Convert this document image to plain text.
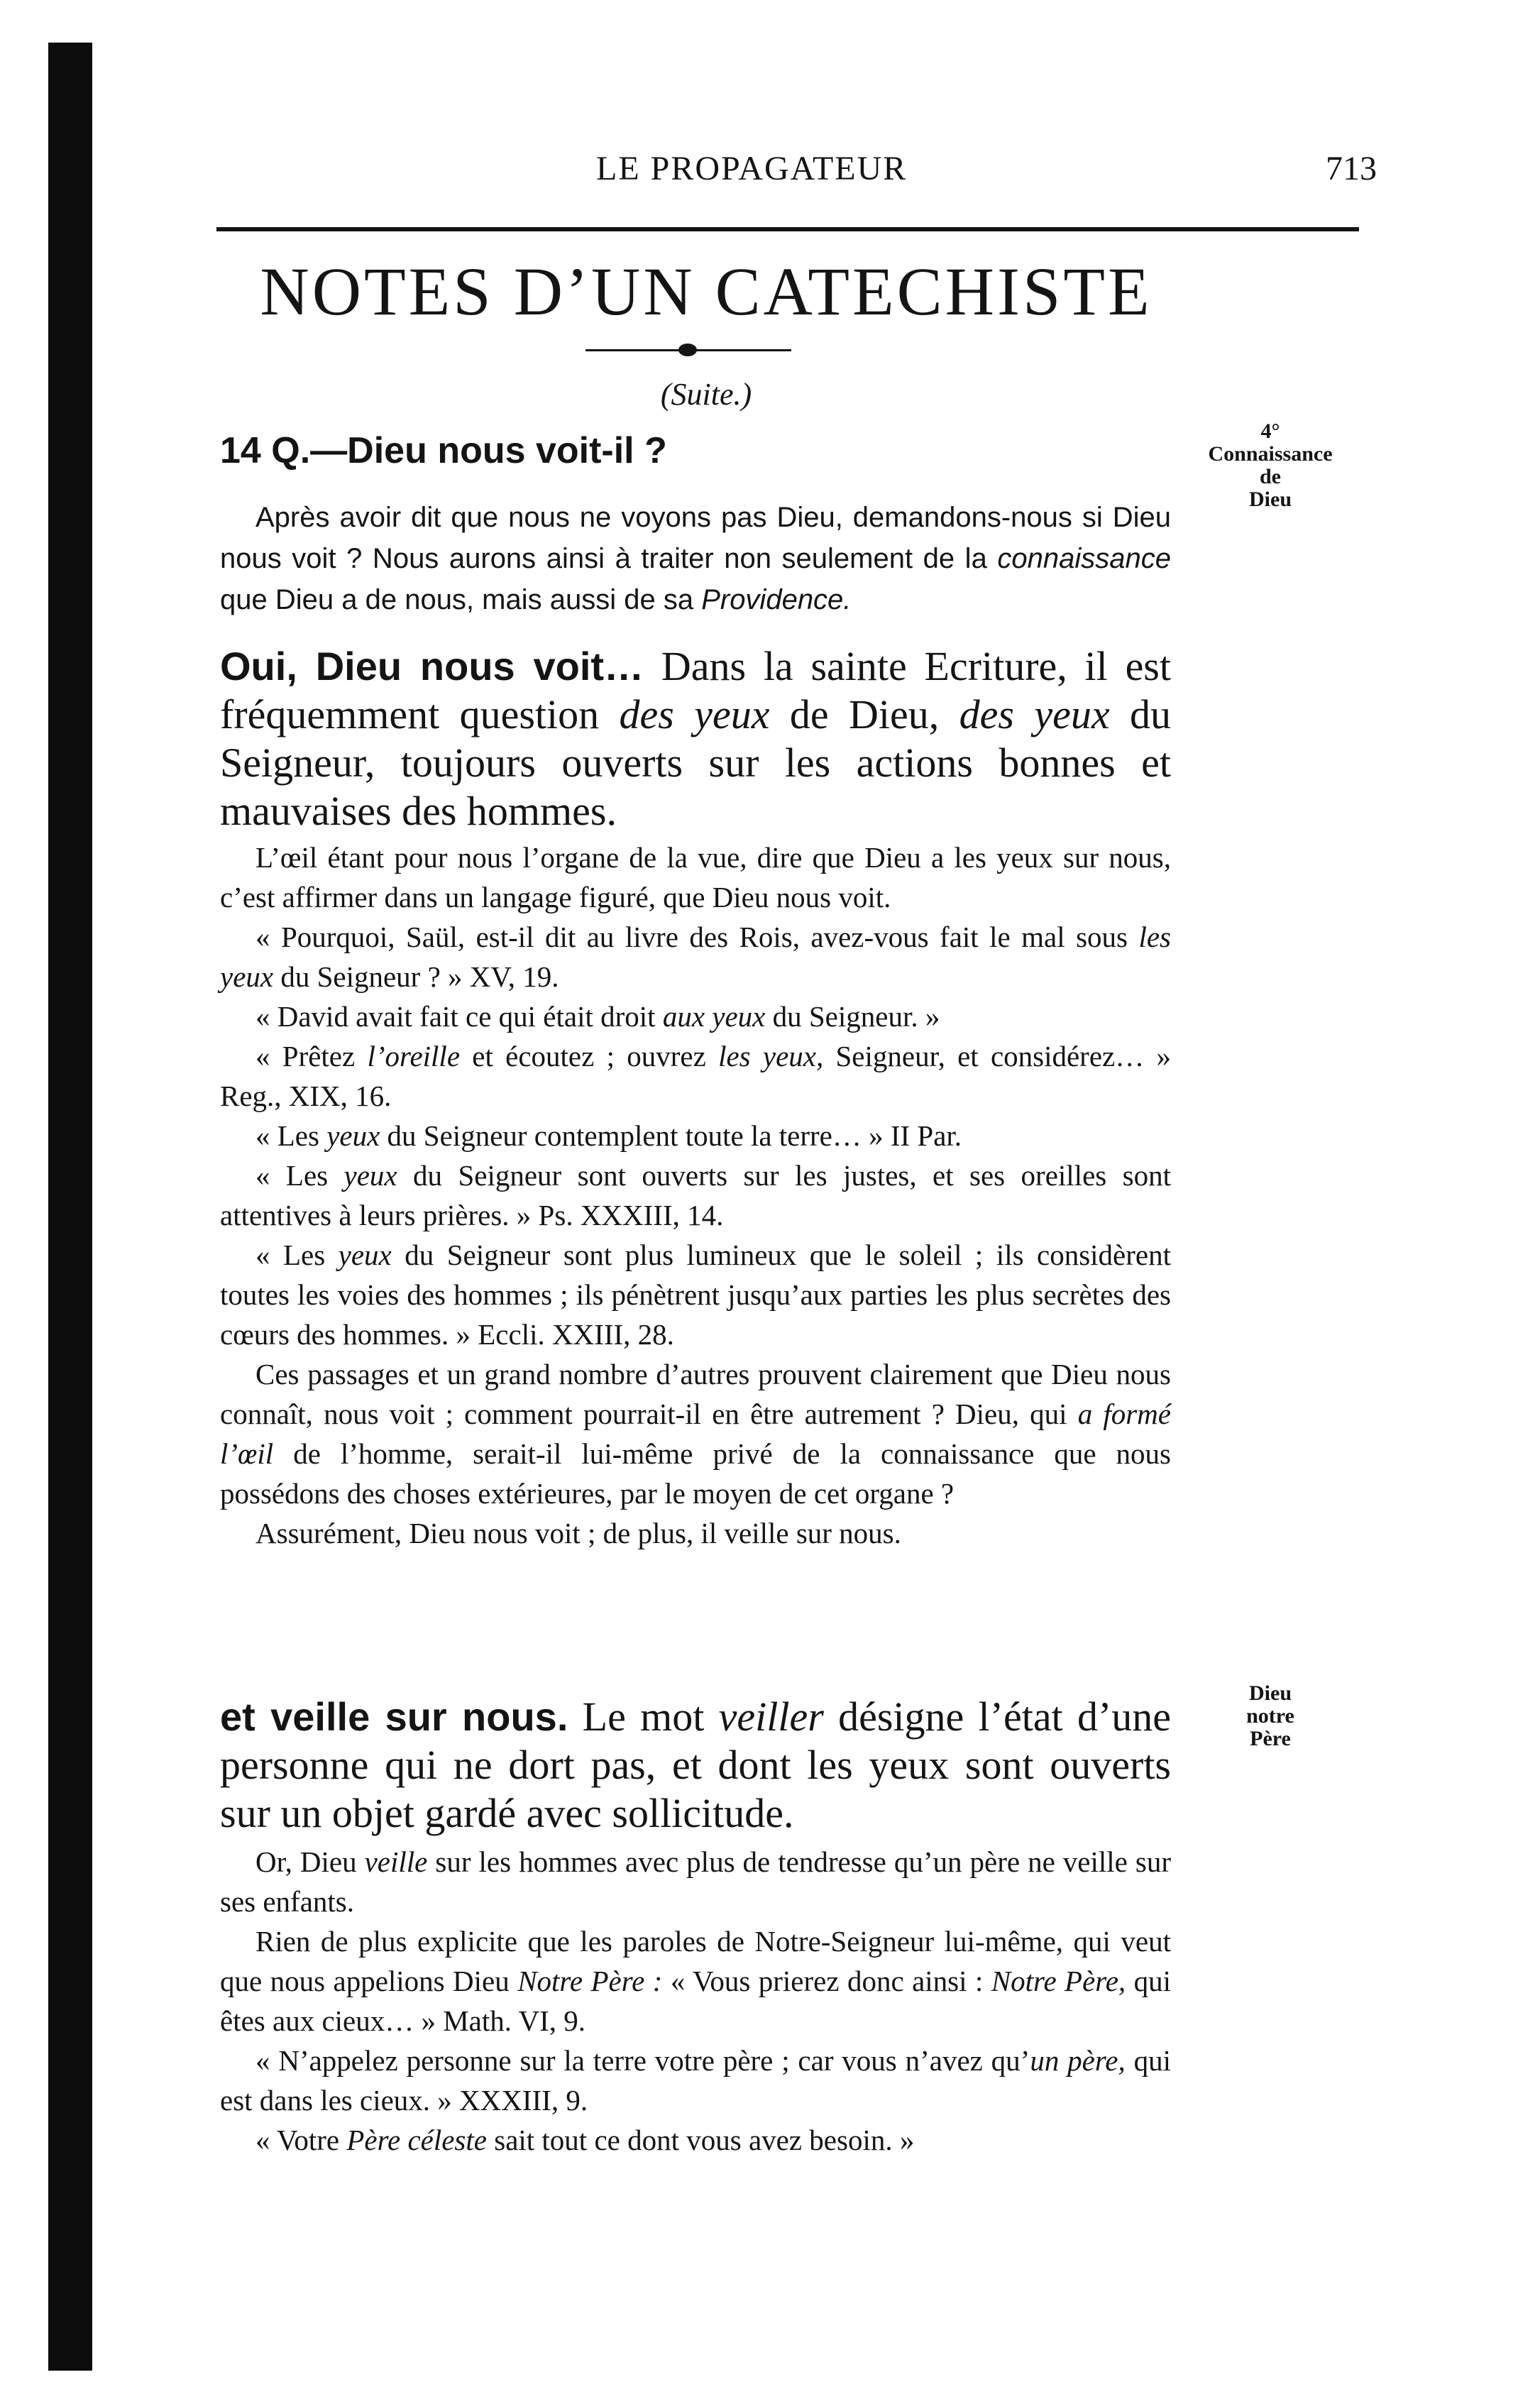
LE PROPAGATEUR	713
NOTES D’UN CATECHISTE
(Suite.)
14 Q.—Dieu nous voit-il ?	4°
Connaissance
de
Dieu

Après avoir dit que nous ne voyons pas Dieu, demandons-nous si Dieu nous voit ? Nous aurons ainsi à traiter non seulement de la connaissance que Dieu a de nous, mais aussi de sa Providence.

Oui, Dieu nous voit… Dans la sainte Ecriture, il est fréquemment question des yeux de Dieu, des yeux du Seigneur, toujours ouverts sur les actions bonnes et mauvaises des hommes.

L’œil étant pour nous l’organe de la vue, dire que Dieu a les yeux sur nous, c’est affirmer dans un langage figuré, que Dieu nous voit.

« Pourquoi, Saül, est-il dit au livre des Rois, avez-vous fait le mal sous les yeux du Seigneur ? » XV, 19.

« David avait fait ce qui était droit aux yeux du Seigneur. »

« Prêtez l’oreille et écoutez ; ouvrez les yeux, Seigneur, et considérez… » Reg., XIX, 16.

« Les yeux du Seigneur contemplent toute la terre… » II Par.

« Les yeux du Seigneur sont ouverts sur les justes, et ses oreilles sont attentives à leurs prières. » Ps. XXXIII, 14.

« Les yeux du Seigneur sont plus lumineux que le soleil ; ils considèrent toutes les voies des hommes ; ils pénètrent jusqu’aux parties les plus secrètes des cœurs des hommes. » Eccli. XXIII, 28.

Ces passages et un grand nombre d’autres prouvent clairement que Dieu nous connaît, nous voit ; comment pourrait-il en être autrement ? Dieu, qui a formé l’œil de l’homme, serait-il lui-même privé de la connaissance que nous possédons des choses extérieures, par le moyen de cet organe ?

Assurément, Dieu nous voit ; de plus, il veille sur nous.

Dieu
notre
Père
et veille sur nous. Le mot veiller désigne l’état d’une personne qui ne dort pas, et dont les yeux sont ouverts sur un objet gardé avec sollicitude.

Or, Dieu veille sur les hommes avec plus de tendresse qu’un père ne veille sur ses enfants.

Rien de plus explicite que les paroles de Notre-Seigneur lui-même, qui veut que nous appelions Dieu Notre Père : « Vous prierez donc ainsi : Notre Père, qui êtes aux cieux… » Math. VI, 9.

« N’appelez personne sur la terre votre père ; car vous n’avez qu’un père, qui est dans les cieux. » XXXIII, 9.

« Votre Père céleste sait tout ce dont vous avez besoin. »
